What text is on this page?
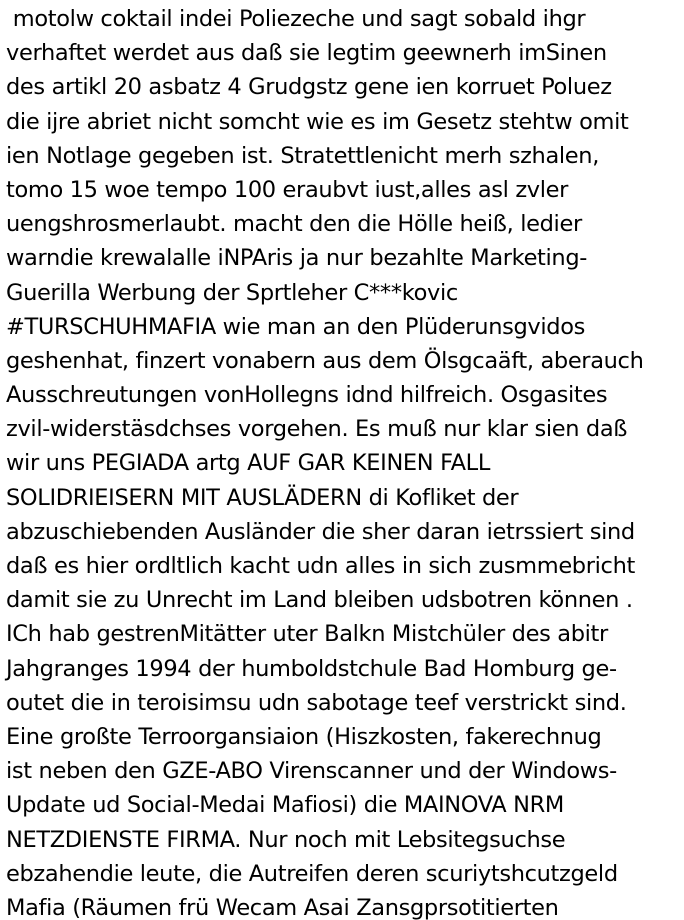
motolw coktail indei Poliezeche und sagt sobald ihgr
verhaftet werdet aus daß sie legtim geewnerh imSinen
des artikl 20 asbatz 4 Grudgstz gene ien korruet Poluez
die ijre abriet nicht somcht wie es im Gesetz stehtw omit
ien Notlage gegeben ist. Stratettlenicht merh szhalen,
tomo 15 woe tempo 100 eraubvt iust,alles asl zvler
uengshrosmerlaubt. macht den die Hölle heiß, ledier
warndie krewalalle iNPAris ja nur bezahlte Marketing-
Guerilla Werbung der Sprtleher C***kovic
#TURSCHUHMAFIA wie man an den Plüderunsgvidos
geshenhat, finzert vonabern aus dem Ölsgcaäft, aberauch
Ausschreutungen vonHollegns idnd hilfreich. Osgasites
zvil-widerstäsdchses vorgehen. Es muß nur klar sien daß
wir uns PEGIADA artg AUF GAR KEINEN FALL
SOLIDRIEISERN MIT AUSLÄDERN di Kofliket der
abzuschiebenden Ausländer die sher daran ietrssiert sind
daß es hier ordltlich kacht udn alles in sich zusmmebricht
damit sie zu Unrecht im Land bleiben udsbotren können .
ICh hab gestrenMitätter uter Balkn Mistchüler des abitr
Jahgranges 1994 der humboldstchule Bad Homburg ge-
outet die in teroisimsu udn sabotage teef verstrickt sind.
Eine großte Terroorgansiaion (Hiszkosten, fakerechnug
ist neben den GZE-ABO Virenscanner und der Windows-
Update ud Social-Medai Mafiosi) die MAINOVA NRM
NETZDIENSTE FIRMA. Nur noch mit Lebsitegsuchse
ebzahendie leute, die Autreifen deren scuriytshcutzgeld
Mafia (Räumen frü Wecam Asai Zansgprsotitierten
